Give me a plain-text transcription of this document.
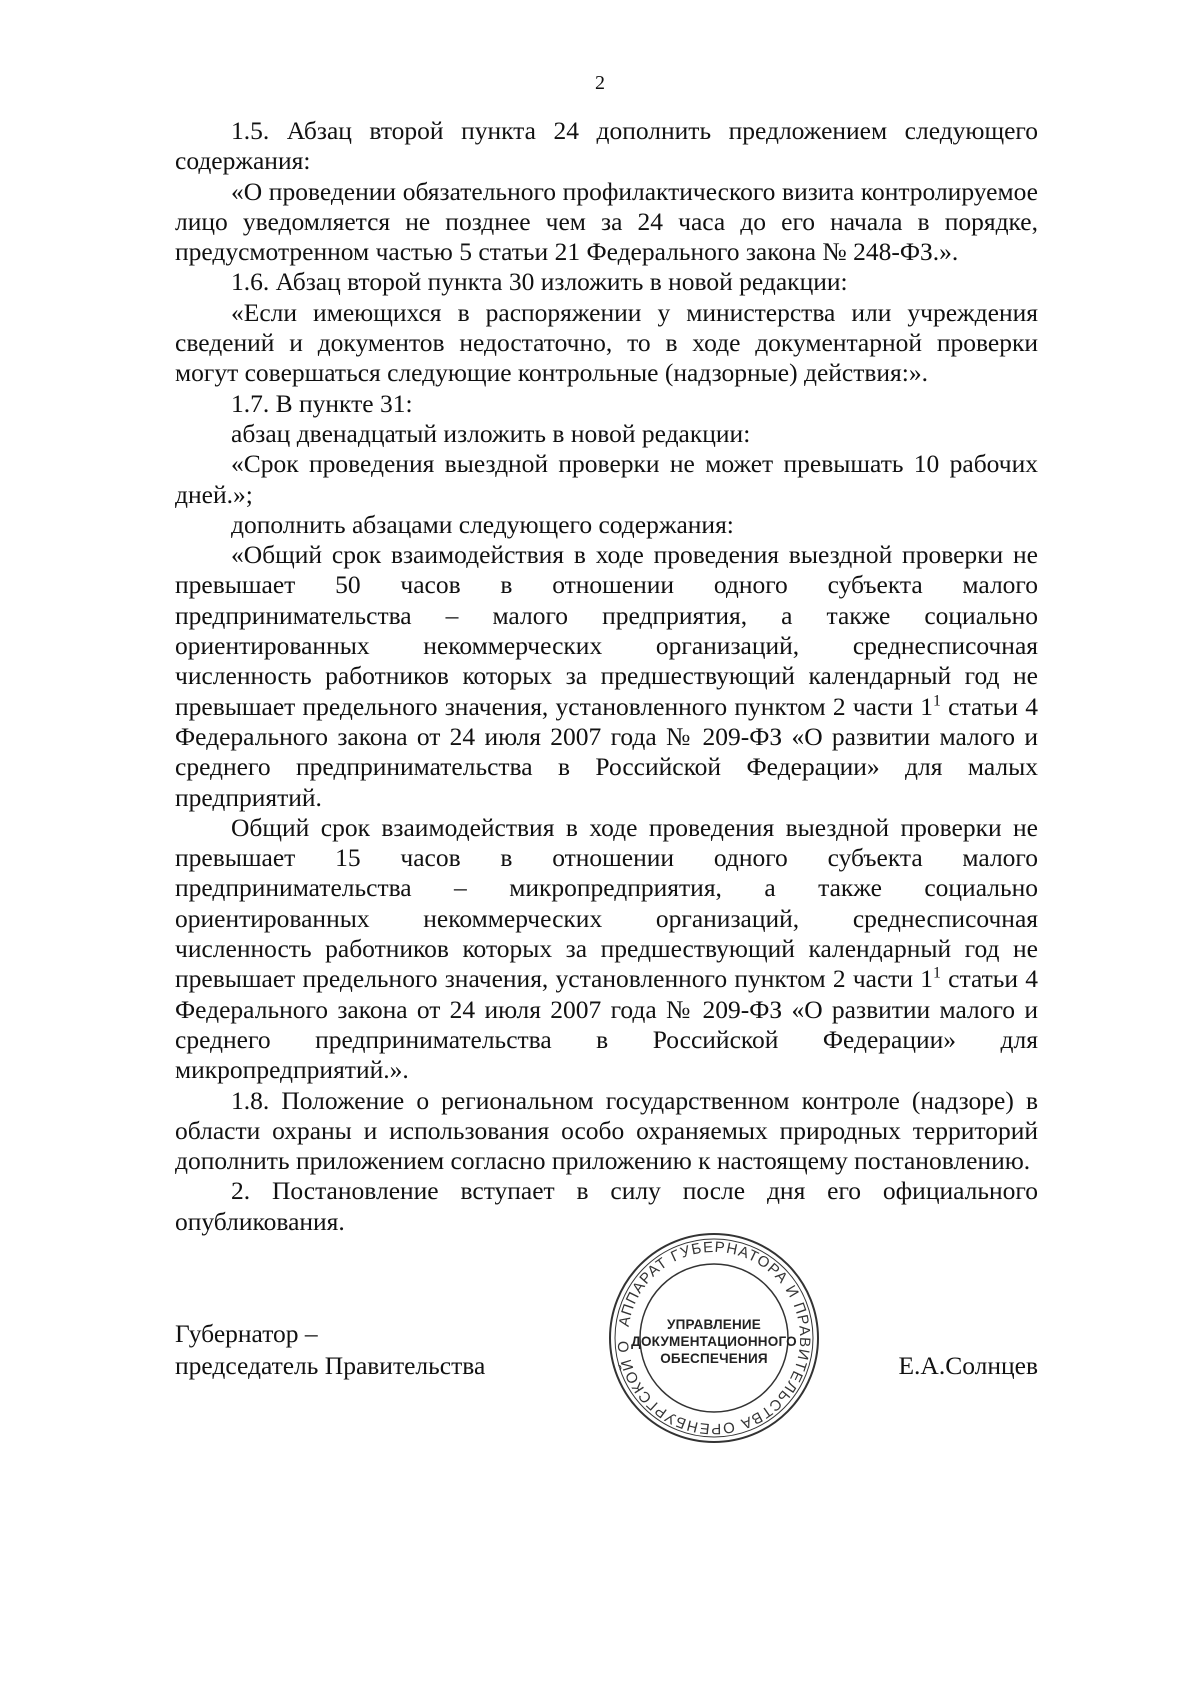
2

1.5. Абзац второй пункта 24 дополнить предложением следующего содержания:

«О проведении обязательного профилактического визита контролируемое лицо уведомляется не позднее чем за 24 часа до его начала в порядке, предусмотренном частью 5 статьи 21 Федерального закона № 248-ФЗ.».

1.6. Абзац второй пункта 30 изложить в новой редакции:

«Если имеющихся в распоряжении у министерства или учреждения сведений и документов недостаточно, то в ходе документарной проверки могут совершаться следующие контрольные (надзорные) действия:».

1.7. В пункте 31:

абзац двенадцатый изложить в новой редакции:

«Срок проведения выездной проверки не может превышать 10 рабочих дней.»;

дополнить абзацами следующего содержания:

«Общий срок взаимодействия в ходе проведения выездной проверки не превышает 50 часов в отношении одного субъекта малого предпринимательства – малого предприятия, а также социально ориентированных некоммерческих организаций, среднесписочная численность работников которых за предшествующий календарный год не превышает предельного значения, установленного пунктом 2 части $1^1$ статьи 4 Федерального закона от 24 июля 2007 года № 209-ФЗ «О развитии малого и среднего предпринимательства в Российской Федерации» для малых предприятий.

Общий срок взаимодействия в ходе проведения выездной проверки не превышает 15 часов в отношении одного субъекта малого предпринимательства – микропредприятия, а также социально ориентированных некоммерческих организаций, среднесписочная численность работников которых за предшествующий календарный год не превышает предельного значения, установленного пунктом 2 части $1^1$ статьи 4 Федерального закона от 24 июля 2007 года № 209-ФЗ «О развитии малого и среднего предпринимательства в Российской Федерации» для микропредприятий.».

1.8. Положение о региональном государственном контроле (надзоре) в области охраны и использования особо охраняемых природных территорий дополнить приложением согласно приложению к настоящему постановлению.

2. Постановление вступает в силу после дня его официального опубликования.

Губернатор –
председатель Правительства
АППАРАТ ГУБЕРНАТОРА И ПРАВИТЕЛЬСТВА ОРЕНБУРГСКОЙ О
УПРАВЛЕНИЕ
ДОКУМЕНТАЦИОННОГО
ОБЕСПЕЧЕНИЯ	Е.А.Солнцев
